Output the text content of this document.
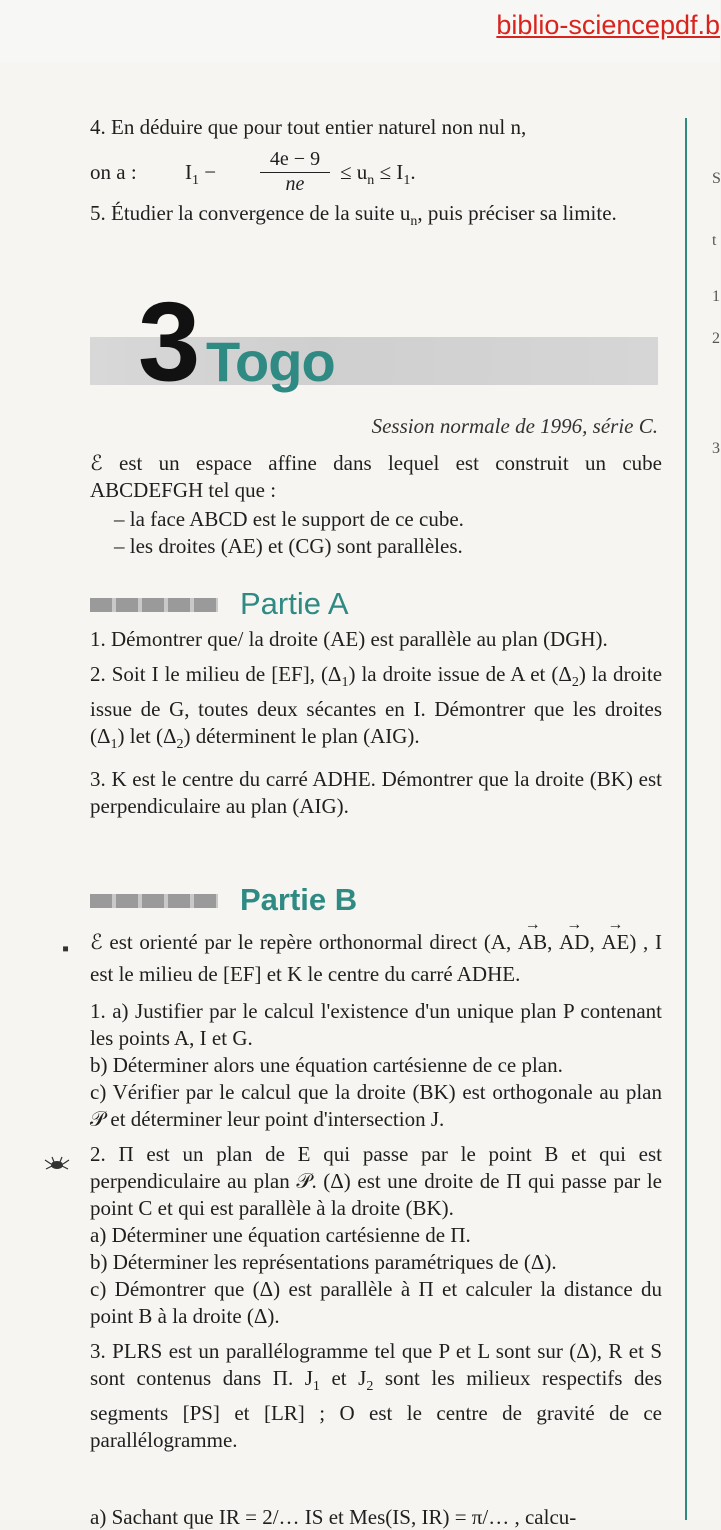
biblio-sciencepdf.b
S
t
1
2
3

4. En déduire que pour tout entier naturel non nul n,

on a : $I_1 - \frac{4e - 9}{ne} \le u_n \le I_1$.

5. Étudier la convergence de la suite $u_n$, puis préciser sa limite.

3 Togo
Session normale de 1996, série C.

ℰ est un espace affine dans lequel est construit un cube ABCDEFGH tel que :

– la face ABCD est le support de ce cube.

– les droites (AE) et (CG) sont parallèles.

Partie A

1. Démontrer que/ la droite (AE) est parallèle au plan (DGH).

2. Soit I le milieu de [EF], $(\Delta_1)$ la droite issue de A et $(\Delta_2)$ la droite issue de G, toutes deux sécantes en I. Démontrer que les droites $(\Delta_1)$ let $(\Delta_2)$ déterminent le plan (AIG).

3. K est le centre du carré ADHE. Démontrer que la droite (BK) est perpendiculaire au plan (AIG).

Partie B
▪ ℰ est orienté par le repère orthonormal direct (A, → AB, → AD, → AE) , I est le milieu de [EF] et K le centre du carré ADHE.

1. a) Justifier par le calcul l'existence d'un unique plan P contenant les points A, I et G.

b) Déterminer alors une équation cartésienne de ce plan.

c) Vérifier par le calcul que la droite (BK) est orthogonale au plan 𝒫 et déterminer leur point d'intersection J.

2. Π est un plan de E qui passe par le point B et qui est perpendiculaire au plan 𝒫. (Δ) est une droite de Π qui passe par le point C et qui est parallèle à la droite (BK).

a) Déterminer une équation cartésienne de Π.

b) Déterminer les représentations paramétriques de (Δ).

c) Démontrer que (Δ) est parallèle à Π et calculer la distance du point B à la droite (Δ).

3. PLRS est un parallélogramme tel que P et L sont sur (Δ), R et S sont contenus dans Π. $J_1$ et $J_2$ sont les milieux respectifs des segments [PS] et [LR] ; O est le centre de gravité de ce parallélogramme.

a) Sachant que IR = 2/… IS et Mes(IS, IR) = π/… , calcu-
